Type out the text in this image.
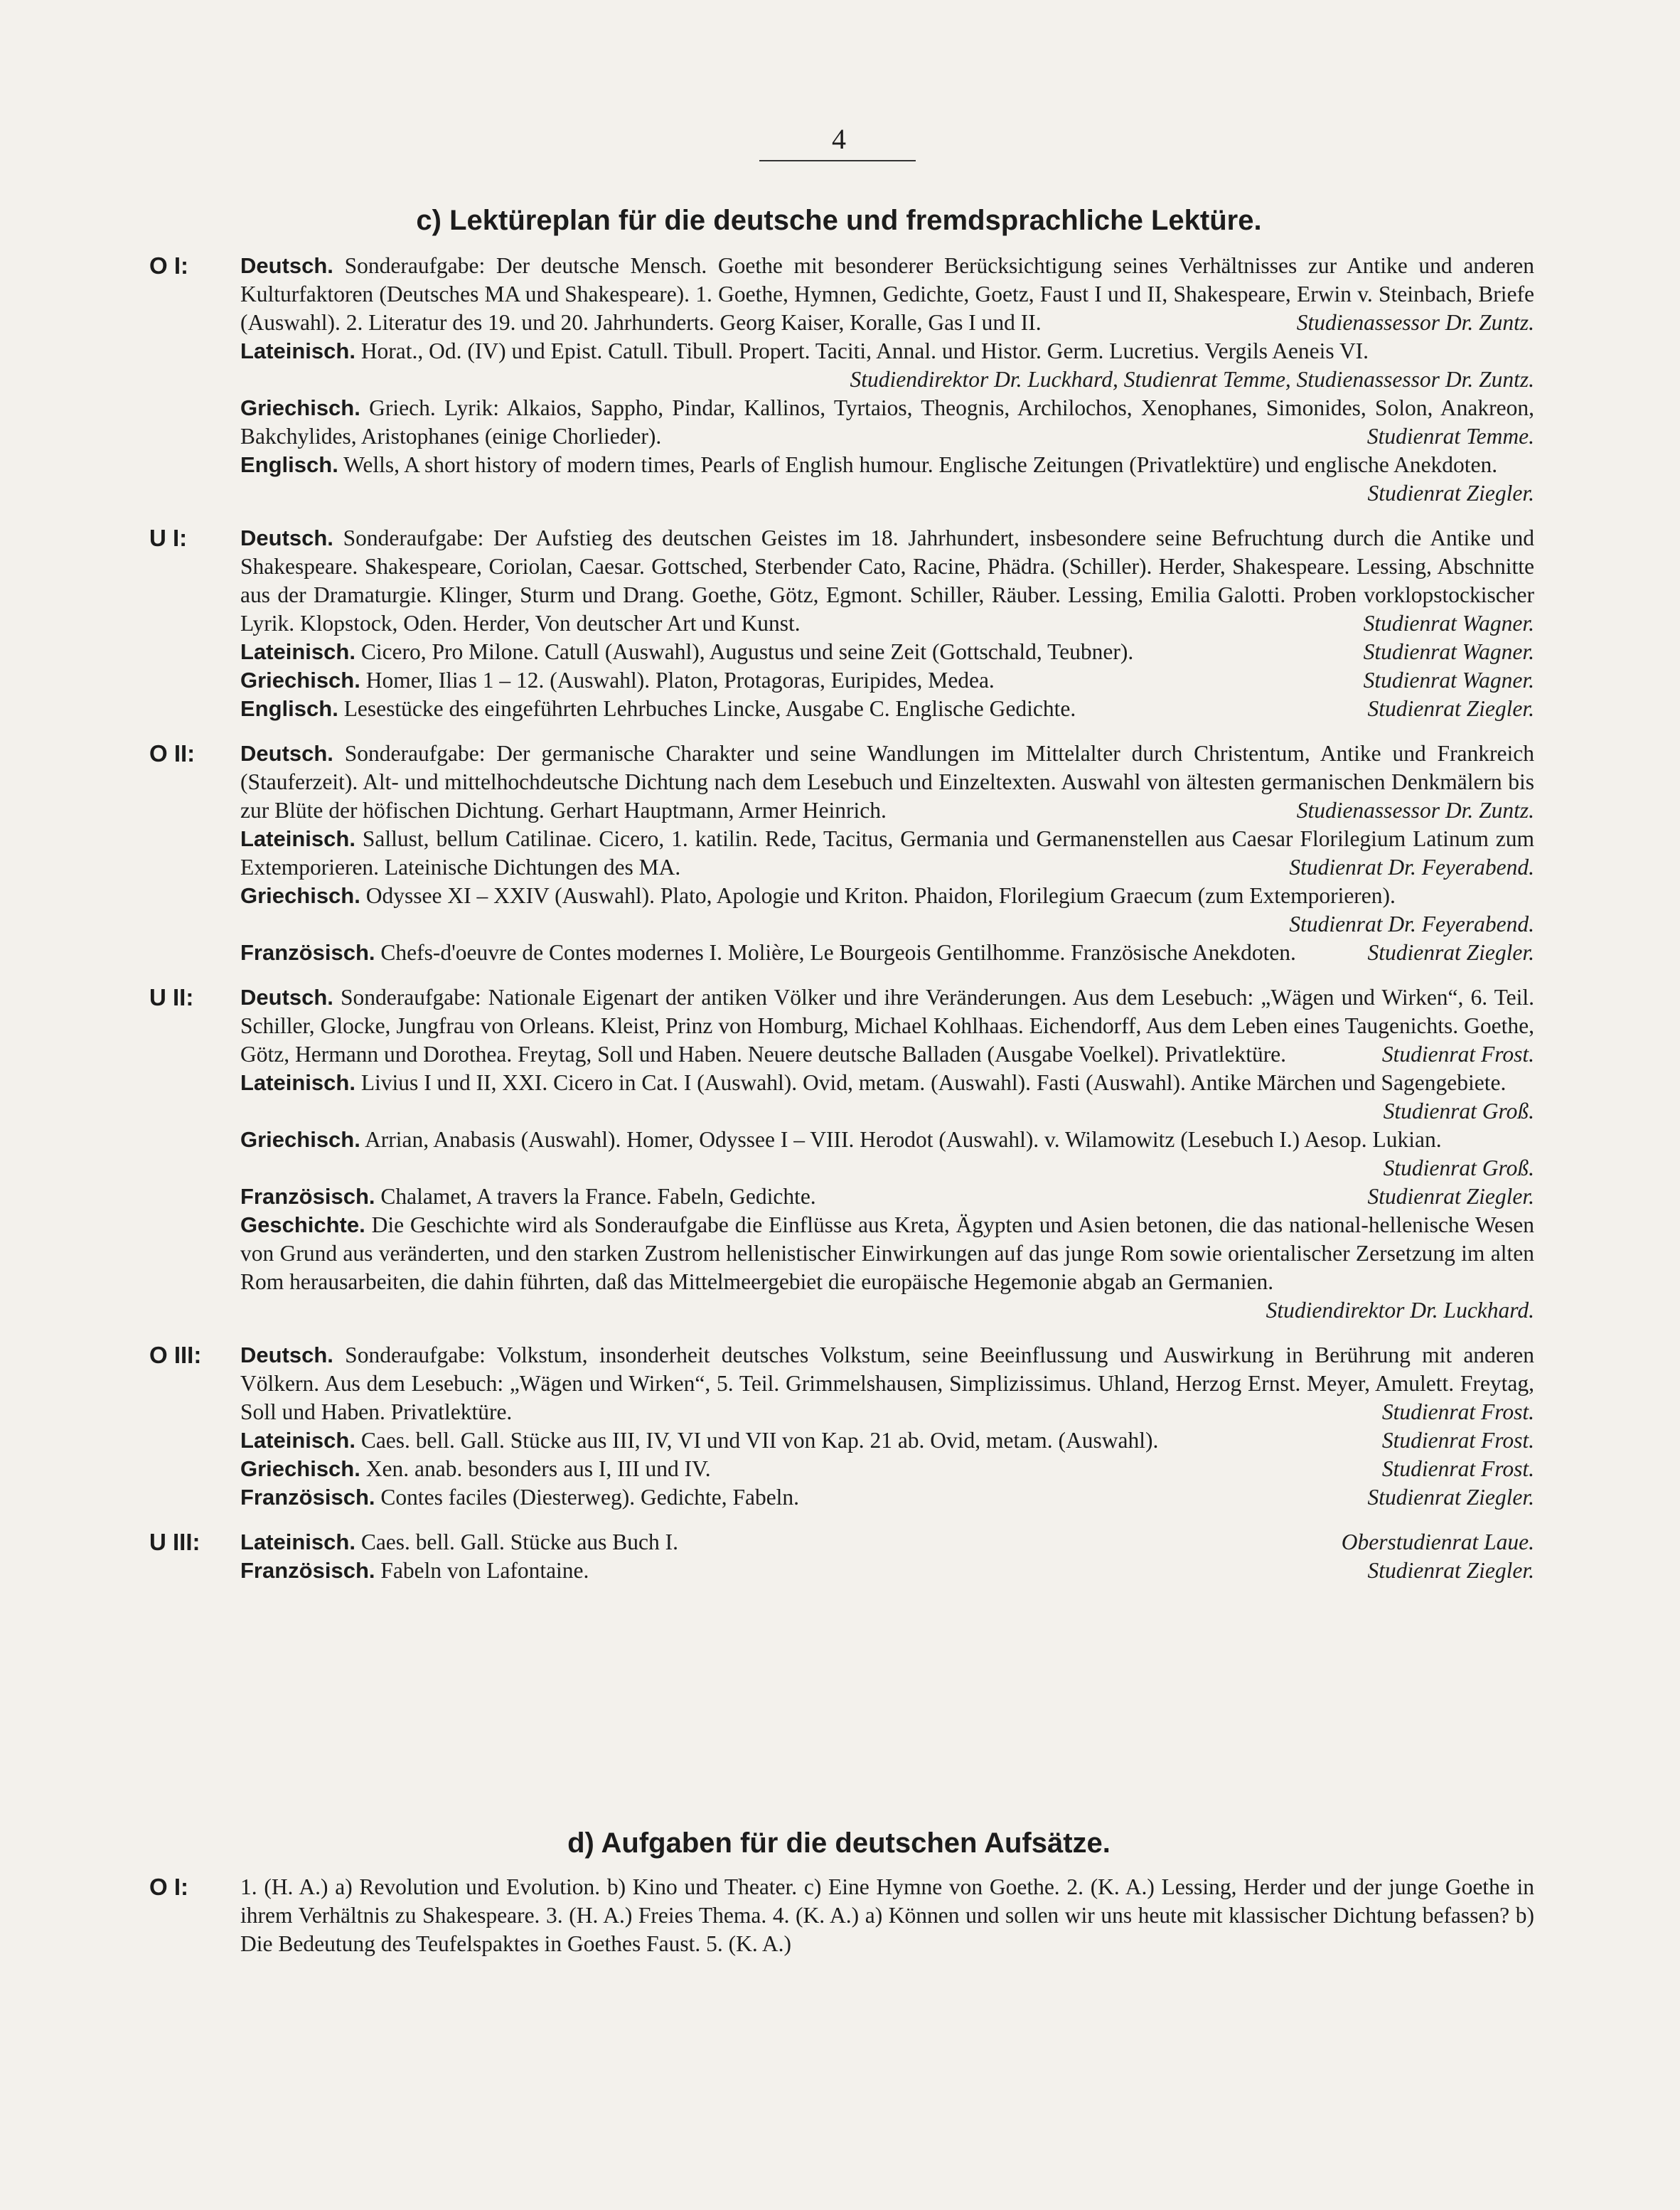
4
c) Lektüreplan für die deutsche und fremdsprachliche Lektüre.
O I: Deutsch. Sonderaufgabe: Der deutsche Mensch. Goethe mit besonderer Berücksichtigung seines Verhältnisses zur Antike und anderen Kulturfaktoren (Deutsches MA und Shakespeare). 1. Goethe, Hymnen, Gedichte, Goetz, Faust I und II, Shakespeare, Erwin v. Steinbach, Briefe (Auswahl). 2. Literatur des 19. und 20. Jahrhunderts. Georg Kaiser, Koralle, Gas I und II.	Studienassessor Dr. Zuntz.
Lateinisch. Horat., Od. (IV) und Epist. Catull. Tibull. Propert. Taciti, Annal. und Histor. Germ. Lucretius. Vergils Aeneis VI.
Studiendirektor Dr. Luckhard, Studienrat Temme, Studienassessor Dr. Zuntz.
Griechisch. Griech. Lyrik: Alkaios, Sappho, Pindar, Kallinos, Tyrtaios, Theognis, Archilochos, Xenophanes, Simonides, Solon, Anakreon, Bakchylides, Aristophanes (einige Chorlieder).	Studienrat Temme.
Englisch. Wells, A short history of modern times, Pearls of English humour. Englische Zeitungen (Privatlektüre) und englische Anekdoten.
Studienrat Ziegler.
U I: Deutsch. Sonderaufgabe: Der Aufstieg des deutschen Geistes im 18. Jahrhundert, insbesondere seine Befruchtung durch die Antike und Shakespeare. Shakespeare, Coriolan, Caesar. Gottsched, Sterbender Cato, Racine, Phädra. (Schiller). Herder, Shakespeare. Lessing, Abschnitte aus der Dramaturgie. Klinger, Sturm und Drang. Goethe, Götz, Egmont. Schiller, Räuber. Lessing, Emilia Galotti. Proben vorklopstockischer Lyrik. Klopstock, Oden. Herder, Von deutscher Art und Kunst.	Studienrat Wagner.
Lateinisch. Cicero, Pro Milone. Catull (Auswahl), Augustus und seine Zeit (Gottschald, Teubner).	Studienrat Wagner.
Griechisch. Homer, Ilias 1 – 12. (Auswahl). Platon, Protagoras, Euripides, Medea.	Studienrat Wagner.
Englisch. Lesestücke des eingeführten Lehrbuches Lincke, Ausgabe C. Englische Gedichte.	Studienrat Ziegler.
O II: Deutsch. Sonderaufgabe: Der germanische Charakter und seine Wandlungen im Mittelalter durch Christentum, Antike und Frankreich (Stauferzeit). Alt- und mittelhochdeutsche Dichtung nach dem Lesebuch und Einzeltexten. Auswahl von ältesten germanischen Denkmälern bis zur Blüte der höfischen Dichtung. Gerhart Hauptmann, Armer Heinrich.	Studienassessor Dr. Zuntz.
Lateinisch. Sallust, bellum Catilinae. Cicero, 1. katilin. Rede, Tacitus, Germania und Germanenstellen aus Caesar Florilegium Latinum zum Extemporieren. Lateinische Dichtungen des MA.	Studienrat Dr. Feyerabend.
Griechisch. Odyssee XI – XXIV (Auswahl). Plato, Apologie und Kriton. Phaidon, Florilegium Graecum (zum Extemporieren).
Studienrat Dr. Feyerabend.
Französisch. Chefs-d'oeuvre de Contes modernes I. Molière, Le Bourgeois Gentilhomme. Französische Anekdoten.	Studienrat Ziegler.
U II: Deutsch. Sonderaufgabe: Nationale Eigenart der antiken Völker und ihre Veränderungen. Aus dem Lesebuch: „Wägen und Wirken“, 6. Teil. Schiller, Glocke, Jungfrau von Orleans. Kleist, Prinz von Homburg, Michael Kohlhaas. Eichendorff, Aus dem Leben eines Taugenichts. Goethe, Götz, Hermann und Dorothea. Freytag, Soll und Haben. Neuere deutsche Balladen (Ausgabe Voelkel). Privatlektüre.	Studienrat Frost.
Lateinisch. Livius I und II, XXI. Cicero in Cat. I (Auswahl). Ovid, metam. (Auswahl). Fasti (Auswahl). Antike Märchen und Sagengebiete.
Studienrat Groß.
Griechisch. Arrian, Anabasis (Auswahl). Homer, Odyssee I – VIII. Herodot (Auswahl). v. Wilamowitz (Lesebuch I.) Aesop. Lukian.
Studienrat Groß.
Französisch. Chalamet, A travers la France. Fabeln, Gedichte.	Studienrat Ziegler.
Geschichte. Die Geschichte wird als Sonderaufgabe die Einflüsse aus Kreta, Ägypten und Asien betonen, die das national-hellenische Wesen von Grund aus veränderten, und den starken Zustrom hellenistischer Einwirkungen auf das junge Rom sowie orientalischer Zersetzung im alten Rom herausarbeiten, die dahin führten, daß das Mittelmeergebiet die europäische Hegemonie abgab an Germanien.
Studiendirektor Dr. Luckhard.
O III: Deutsch. Sonderaufgabe: Volkstum, insonderheit deutsches Volkstum, seine Beeinflussung und Auswirkung in Berührung mit anderen Völkern. Aus dem Lesebuch: „Wägen und Wirken“, 5. Teil. Grimmelshausen, Simplizissimus. Uhland, Herzog Ernst. Meyer, Amulett. Freytag, Soll und Haben. Privatlektüre.	Studienrat Frost.
Lateinisch. Caes. bell. Gall. Stücke aus III, IV, VI und VII von Kap. 21 ab. Ovid, metam. (Auswahl).	Studienrat Frost.
Griechisch. Xen. anab. besonders aus I, III und IV.	Studienrat Frost.
Französisch. Contes faciles (Diesterweg). Gedichte, Fabeln.	Studienrat Ziegler.
U III: Lateinisch. Caes. bell. Gall. Stücke aus Buch I.	Oberstudienrat Laue.
Französisch. Fabeln von Lafontaine.	Studienrat Ziegler.
d) Aufgaben für die deutschen Aufsätze.
O I: 1. (H. A.) a) Revolution und Evolution. b) Kino und Theater. c) Eine Hymne von Goethe. 2. (K. A.) Lessing, Herder und der junge Goethe in ihrem Verhältnis zu Shakespeare. 3. (H. A.) Freies Thema. 4. (K. A.) a) Können und sollen wir uns heute mit klassischer Dichtung befassen? b) Die Bedeutung des Teufelspaktes in Goethes Faust. 5. (K. A.)
